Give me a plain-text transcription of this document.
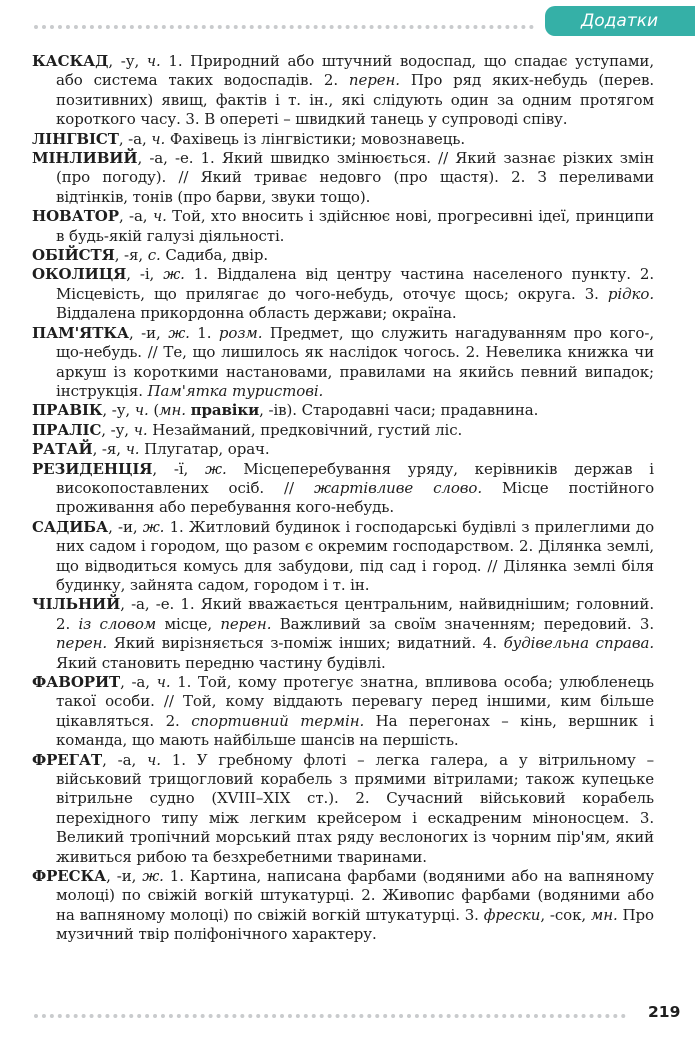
Додатки

КАСКАД, -у, ч. 1. Природний або штучний водоспад, що спадає уступами, або система таких водоспадів. 2. перен. Про ряд яких-небудь (перев. позитивних) явищ, фактів і т. ін., які слідують один за одним протягом короткого часу. 3. В опереті – швидкий танець у супроводі співу.

ЛІНГВІСТ, -а, ч. Фахівець із лінгвістики; мовознавець.

МІНЛИВИЙ, -а, -е. 1. Який швидко змінюється. // Який зазнає різких змін (про погоду). // Який триває недовго (про щастя). 2. З переливами відтінків, тонів (про барви, звуки тощо).

НОВАТОР, -а, ч. Той, хто вносить і здійснює нові, прогресивні ідеї, принципи в будь-якій галузі діяльності.

ОБІЙСТЯ, -я, с. Садиба, двір.

ОКОЛИЦЯ, -і, ж. 1. Віддалена від центру частина населеного пункту. 2. Місцевість, що прилягає до чого-небудь, оточує щось; округа. 3. рідко. Віддалена прикордонна область держави; окраїна.

ПАМ'ЯТКА, -и, ж. 1. розм. Предмет, що служить нагадуванням про кого-, що-небудь. // Те, що лишилось як наслідок чогось. 2. Невелика книжка чи аркуш із короткими настановами, правилами на якийсь певний випадок; інструкція. Пам'ятка туристові.

ПРАВІК, -у, ч. (мн. правіки, -ів). Стародавні часи; прадавнина.

ПРАЛІС, -у, ч. Незайманий, предковічний, густий ліс.

РАТАЙ, -я, ч. Плугатар, орач.

РЕЗИДЕНЦІЯ, -ї, ж. Місцеперебування уряду, керівників держав і високопоставлених осіб. // жартівливе слово. Місце постійного проживання або перебування кого-небудь.

САДИБА, -и, ж. 1. Житловий будинок і господарські будівлі з прилеглими до них садом і городом, що разом є окремим господарством. 2. Ділянка землі, що відводиться комусь для забудови, під сад і город. // Ділянка землі біля будинку, зайнята садом, городом і т. ін.

ЧІЛЬНИЙ, -а, -е. 1. Який вважається центральним, найвиднішим; головний. 2. із словом місце, перен. Важливий за своїм значенням; передовий. 3. перен. Який вирізняється з-поміж інших; видатний. 4. будівельна справа. Який становить передню частину будівлі.

ФАВОРИТ, -а, ч. 1. Той, кому протегує знатна, впливова особа; улюбленець такої особи. // Той, кому віддають перевагу перед іншими, ким більше цікавляться. 2. спортивний термін. На перегонах – кінь, вершник і команда, що мають найбільше шансів на першість.

ФРЕГАТ, -а, ч. 1. У гребному флоті – легка галера, а у вітрильному – військовий трищогловий корабель з прямими вітрилами; також купецьке вітрильне судно (XVIII–XIX ст.). 2. Сучасний військовий корабель перехідного типу між легким крейсером і ескадреним міноносцем. 3. Великий тропічний морський птах ряду веслоногих із чорним пір'ям, який живиться рибою та безхребетними тваринами.

ФРЕСКА, -и, ж. 1. Картина, написана фарбами (водяними або на вапняному молоці) по свіжій вогкій штукатурці. 2. Живопис фарбами (водяними або на вапняному молоці) по свіжій вогкій штукатурці. 3. фрески, -сок, мн. Про музичний твір поліфонічного характеру.

219
